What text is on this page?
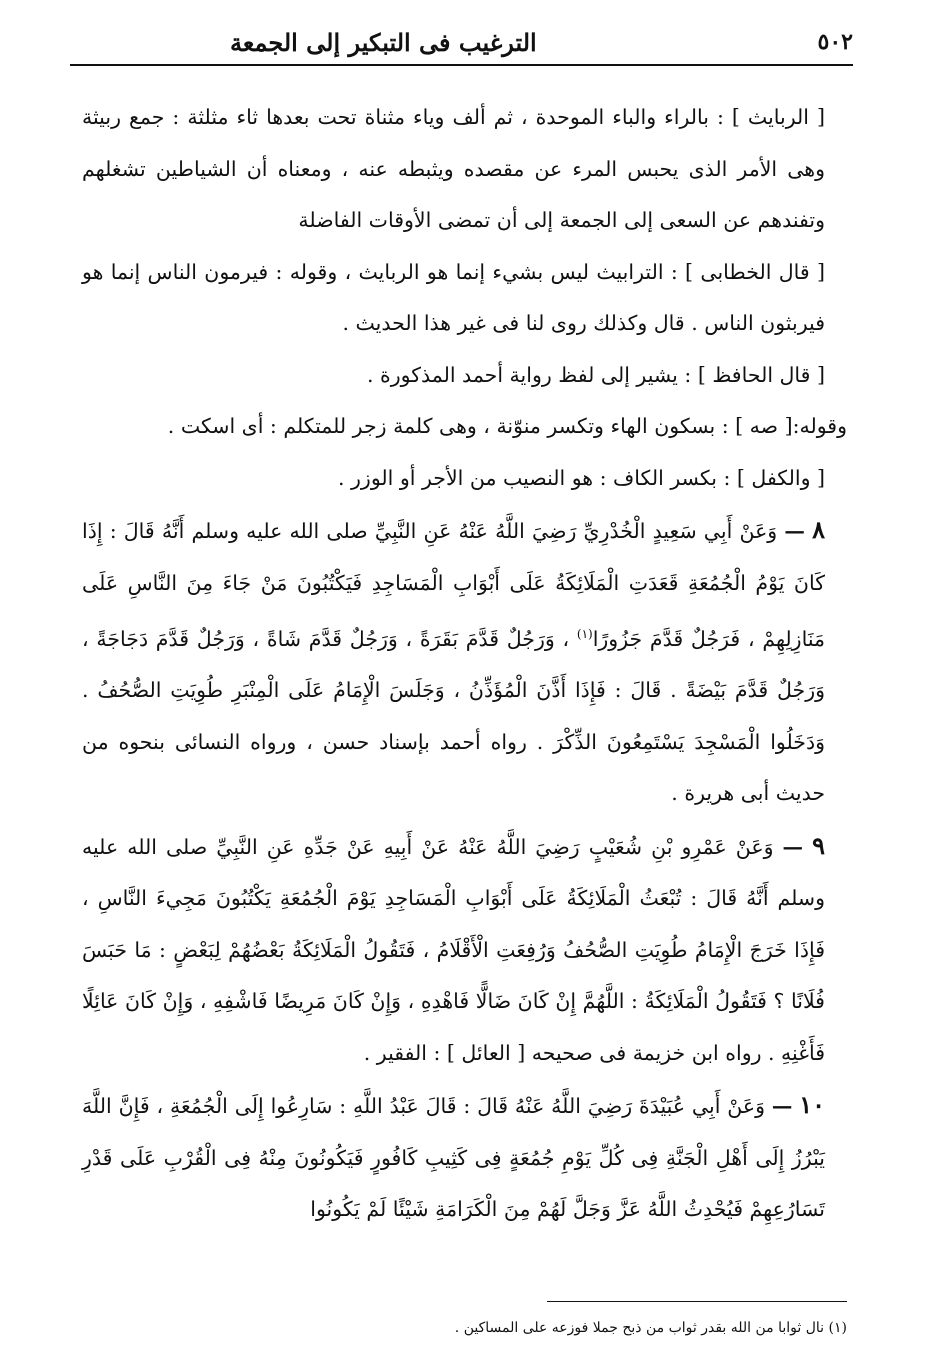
٥٠٢
الترغيب فى التبكير إلى الجمعة

[ الربايث ] : بالراء والباء الموحدة ، ثم ألف وياء مثناة تحت بعدها ثاء مثلثة : جمع ربيثة وهى الأمر الذى يحبس المرء عن مقصده ويثبطه عنه ، ومعناه أن الشياطين تشغلهم وتفندهم عن السعى إلى الجمعة إلى أن تمضى الأوقات الفاضلة

[ قال الخطابى ] : الترابيث ليس بشيء إنما هو الربايث ، وقوله : فيرمون الناس إنما هو فيربثون الناس . قال وكذلك روى لنا فى غير هذا الحديث .

[ قال الحافظ ] : يشير إلى لفظ رواية أحمد المذكورة .

وقوله:[ صه ] : بسكون الهاء وتكسر منوّنة ، وهى كلمة زجر للمتكلم : أى اسكت .

[ والكفل ] : بكسر الكاف : هو النصيب من الأجر أو الوزر .

٨ — وَعَنْ أَبِي سَعِيدٍ الْخُدْرِيِّ رَضِيَ اللَّهُ عَنْهُ عَنِ النَّبِيِّ صلى الله عليه وسلم أَنَّهُ قَالَ : إِذَا كَانَ يَوْمُ الْجُمُعَةِ قَعَدَتِ الْمَلَائِكَةُ عَلَى أَبْوَابِ الْمَسَاجِدِ فَيَكْتُبُونَ مَنْ جَاءَ مِنَ النَّاسِ عَلَى مَنَازِلِهِمْ ، فَرَجُلٌ قَدَّمَ جَزُورًا$^{(١)}$ ، وَرَجُلٌ قَدَّمَ بَقَرَةً ، وَرَجُلٌ قَدَّمَ شَاةً ، وَرَجُلٌ قَدَّمَ دَجَاجَةً ، وَرَجُلٌ قَدَّمَ بَيْضَةً . قَالَ : فَإِذَا أَذَّنَ الْمُؤَذِّنُ ، وَجَلَسَ الْإِمَامُ عَلَى الْمِنْبَرِ طُوِيَتِ الصُّحُفُ . وَدَخَلُوا الْمَسْجِدَ يَسْتَمِعُونَ الذِّكْرَ . رواه أحمد بإسناد حسن ، ورواه النسائى بنحوه من حديث أبى هريرة .

٩ — وَعَنْ عَمْرِو بْنِ شُعَيْبٍ رَضِيَ اللَّهُ عَنْهُ عَنْ أَبِيهِ عَنْ جَدِّهِ عَنِ النَّبِيِّ صلى الله عليه وسلم أَنَّهُ قَالَ : تُبْعَثُ الْمَلَائِكَةُ عَلَى أَبْوَابِ الْمَسَاجِدِ يَوْمَ الْجُمُعَةِ يَكْتُبُونَ مَجِيءَ النَّاسِ ، فَإِذَا خَرَجَ الْإِمَامُ طُوِيَتِ الصُّحُفُ وَرُفِعَتِ الْأَقْلَامُ ، فَتَقُولُ الْمَلَائِكَةُ بَعْضُهُمْ لِبَعْضٍ : مَا حَبَسَ فُلَانًا ؟ فَتَقُولُ الْمَلَائِكَةُ : اللَّهُمَّ إِنْ كَانَ ضَالًّا فَاهْدِهِ ، وَإِنْ كَانَ مَرِيضًا فَاشْفِهِ ، وَإِنْ كَانَ عَائِلًا فَأَغْنِهِ . رواه ابن خزيمة فى صحيحه [ العائل ] : الفقير .

١٠ — وَعَنْ أَبِي عُبَيْدَةَ رَضِيَ اللَّهُ عَنْهُ قَالَ : قَالَ عَبْدُ اللَّهِ : سَارِعُوا إِلَى الْجُمُعَةِ ، فَإِنَّ اللَّهَ يَبْرُزُ إِلَى أَهْلِ الْجَنَّةِ فِى كُلِّ يَوْمِ جُمُعَةٍ فِى كَثِيبِ كَافُورٍ فَيَكُونُونَ مِنْهُ فِى الْقُرْبِ عَلَى قَدْرِ تَسَارُعِهِمْ فَيُحْدِثُ اللَّهُ عَزَّ وَجَلَّ لَهُمْ مِنَ الْكَرَامَةِ شَيْئًا لَمْ يَكُونُوا

(١) نال ثوابا من الله بقدر ثواب من ذبح جملا فوزعه على المساكين .
